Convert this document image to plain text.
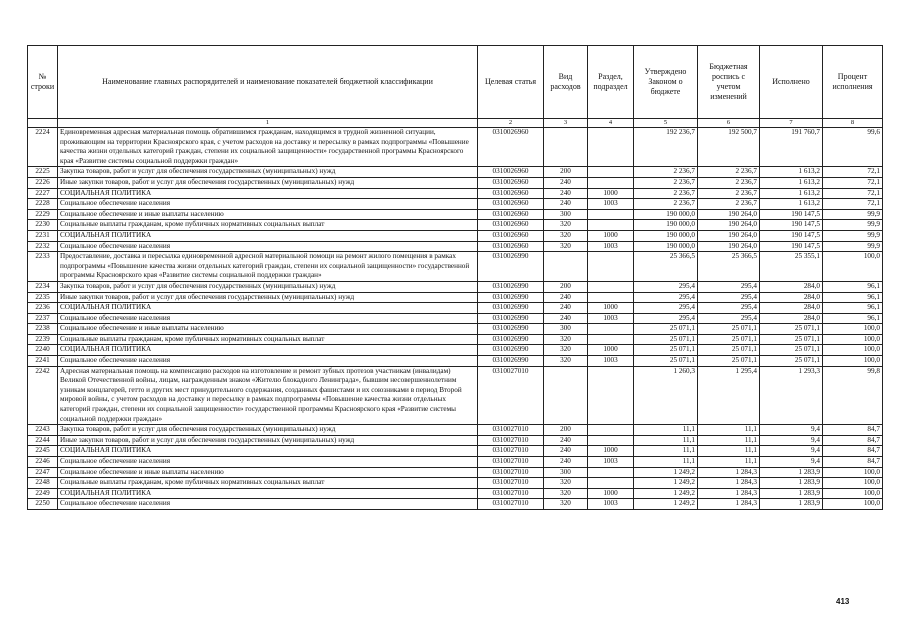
№ строки	Наименование главных распорядителей и наименование показателей бюджетной классификации	Целевая статья	Вид расходов	Раздел, подраздел	Утверждено Законом о бюджете	Бюджетная роспись с учетом изменений	Исполнено	Процент исполнения
	1	2	3	4	5	6	7	8
2224	Единовременная адресная материальная помощь обратившимся гражданам, находящимся в трудной жизненной ситуации, проживающим на территории Красноярского края, с учетом расходов на доставку и пересылку в рамках подпрограммы «Повышение качества жизни отдельных категорий граждан, степени их социальной защищенности» государственной программы Красноярского края «Развитие системы социальной поддержки граждан»	0310026960			192 236,7	192 500,7	191 760,7	99,6
2225	Закупка товаров, работ и услуг для обеспечения государственных (муниципальных) нужд	0310026960	200		2 236,7	2 236,7	1 613,2	72,1
2226	Иные закупки товаров, работ и услуг для обеспечения государственных (муниципальных) нужд	0310026960	240		2 236,7	2 236,7	1 613,2	72,1
2227	СОЦИАЛЬНАЯ ПОЛИТИКА	0310026960	240	1000	2 236,7	2 236,7	1 613,2	72,1
2228	Социальное обеспечение населения	0310026960	240	1003	2 236,7	2 236,7	1 613,2	72,1
2229	Социальное обеспечение и иные выплаты населению	0310026960	300		190 000,0	190 264,0	190 147,5	99,9
2230	Социальные выплаты гражданам, кроме публичных нормативных социальных выплат	0310026960	320		190 000,0	190 264,0	190 147,5	99,9
2231	СОЦИАЛЬНАЯ ПОЛИТИКА	0310026960	320	1000	190 000,0	190 264,0	190 147,5	99,9
2232	Социальное обеспечение населения	0310026960	320	1003	190 000,0	190 264,0	190 147,5	99,9
2233	Предоставление, доставка и пересылка единовременной адресной материальной помощи на ремонт жилого помещения в рамках подпрограммы «Повышение качества жизни отдельных категорий граждан, степени их социальной защищенности» государственной программы Красноярского края «Развитие системы социальной поддержки граждан»	0310026990			25 366,5	25 366,5	25 355,1	100,0
2234	Закупка товаров, работ и услуг для обеспечения государственных (муниципальных) нужд	0310026990	200		295,4	295,4	284,0	96,1
2235	Иные закупки товаров, работ и услуг для обеспечения государственных (муниципальных) нужд	0310026990	240		295,4	295,4	284,0	96,1
2236	СОЦИАЛЬНАЯ ПОЛИТИКА	0310026990	240	1000	295,4	295,4	284,0	96,1
2237	Социальное обеспечение населения	0310026990	240	1003	295,4	295,4	284,0	96,1
2238	Социальное обеспечение и иные выплаты населению	0310026990	300		25 071,1	25 071,1	25 071,1	100,0
2239	Социальные выплаты гражданам, кроме публичных нормативных социальных выплат	0310026990	320		25 071,1	25 071,1	25 071,1	100,0
2240	СОЦИАЛЬНАЯ ПОЛИТИКА	0310026990	320	1000	25 071,1	25 071,1	25 071,1	100,0
2241	Социальное обеспечение населения	0310026990	320	1003	25 071,1	25 071,1	25 071,1	100,0
2242	Адресная материальная помощь на компенсацию расходов на изготовление и ремонт зубных протезов участникам (инвалидам) Великой Отечественной войны, лицам, награжденным знаком «Жителю блокадного Ленинграда», бывшим несовершеннолетним узникам концлагерей, гетто и других мест принудительного содержания, созданных фашистами и их союзниками в период Второй мировой войны, с учетом расходов на доставку и пересылку в рамках подпрограммы «Повышение качества жизни отдельных категорий граждан, степени их социальной защищенности» государственной программы Красноярского края «Развитие системы социальной поддержки граждан»	0310027010			1 260,3	1 295,4	1 293,3	99,8
2243	Закупка товаров, работ и услуг для обеспечения государственных (муниципальных) нужд	0310027010	200		11,1	11,1	9,4	84,7
2244	Иные закупки товаров, работ и услуг для обеспечения государственных (муниципальных) нужд	0310027010	240		11,1	11,1	9,4	84,7
2245	СОЦИАЛЬНАЯ ПОЛИТИКА	0310027010	240	1000	11,1	11,1	9,4	84,7
2246	Социальное обеспечение населения	0310027010	240	1003	11,1	11,1	9,4	84,7
2247	Социальное обеспечение и иные выплаты населению	0310027010	300		1 249,2	1 284,3	1 283,9	100,0
2248	Социальные выплаты гражданам, кроме публичных нормативных социальных выплат	0310027010	320		1 249,2	1 284,3	1 283,9	100,0
2249	СОЦИАЛЬНАЯ ПОЛИТИКА	0310027010	320	1000	1 249,2	1 284,3	1 283,9	100,0
2250	Социальное обеспечение населения	0310027010	320	1003	1 249,2	1 284,3	1 283,9	100,0
413
